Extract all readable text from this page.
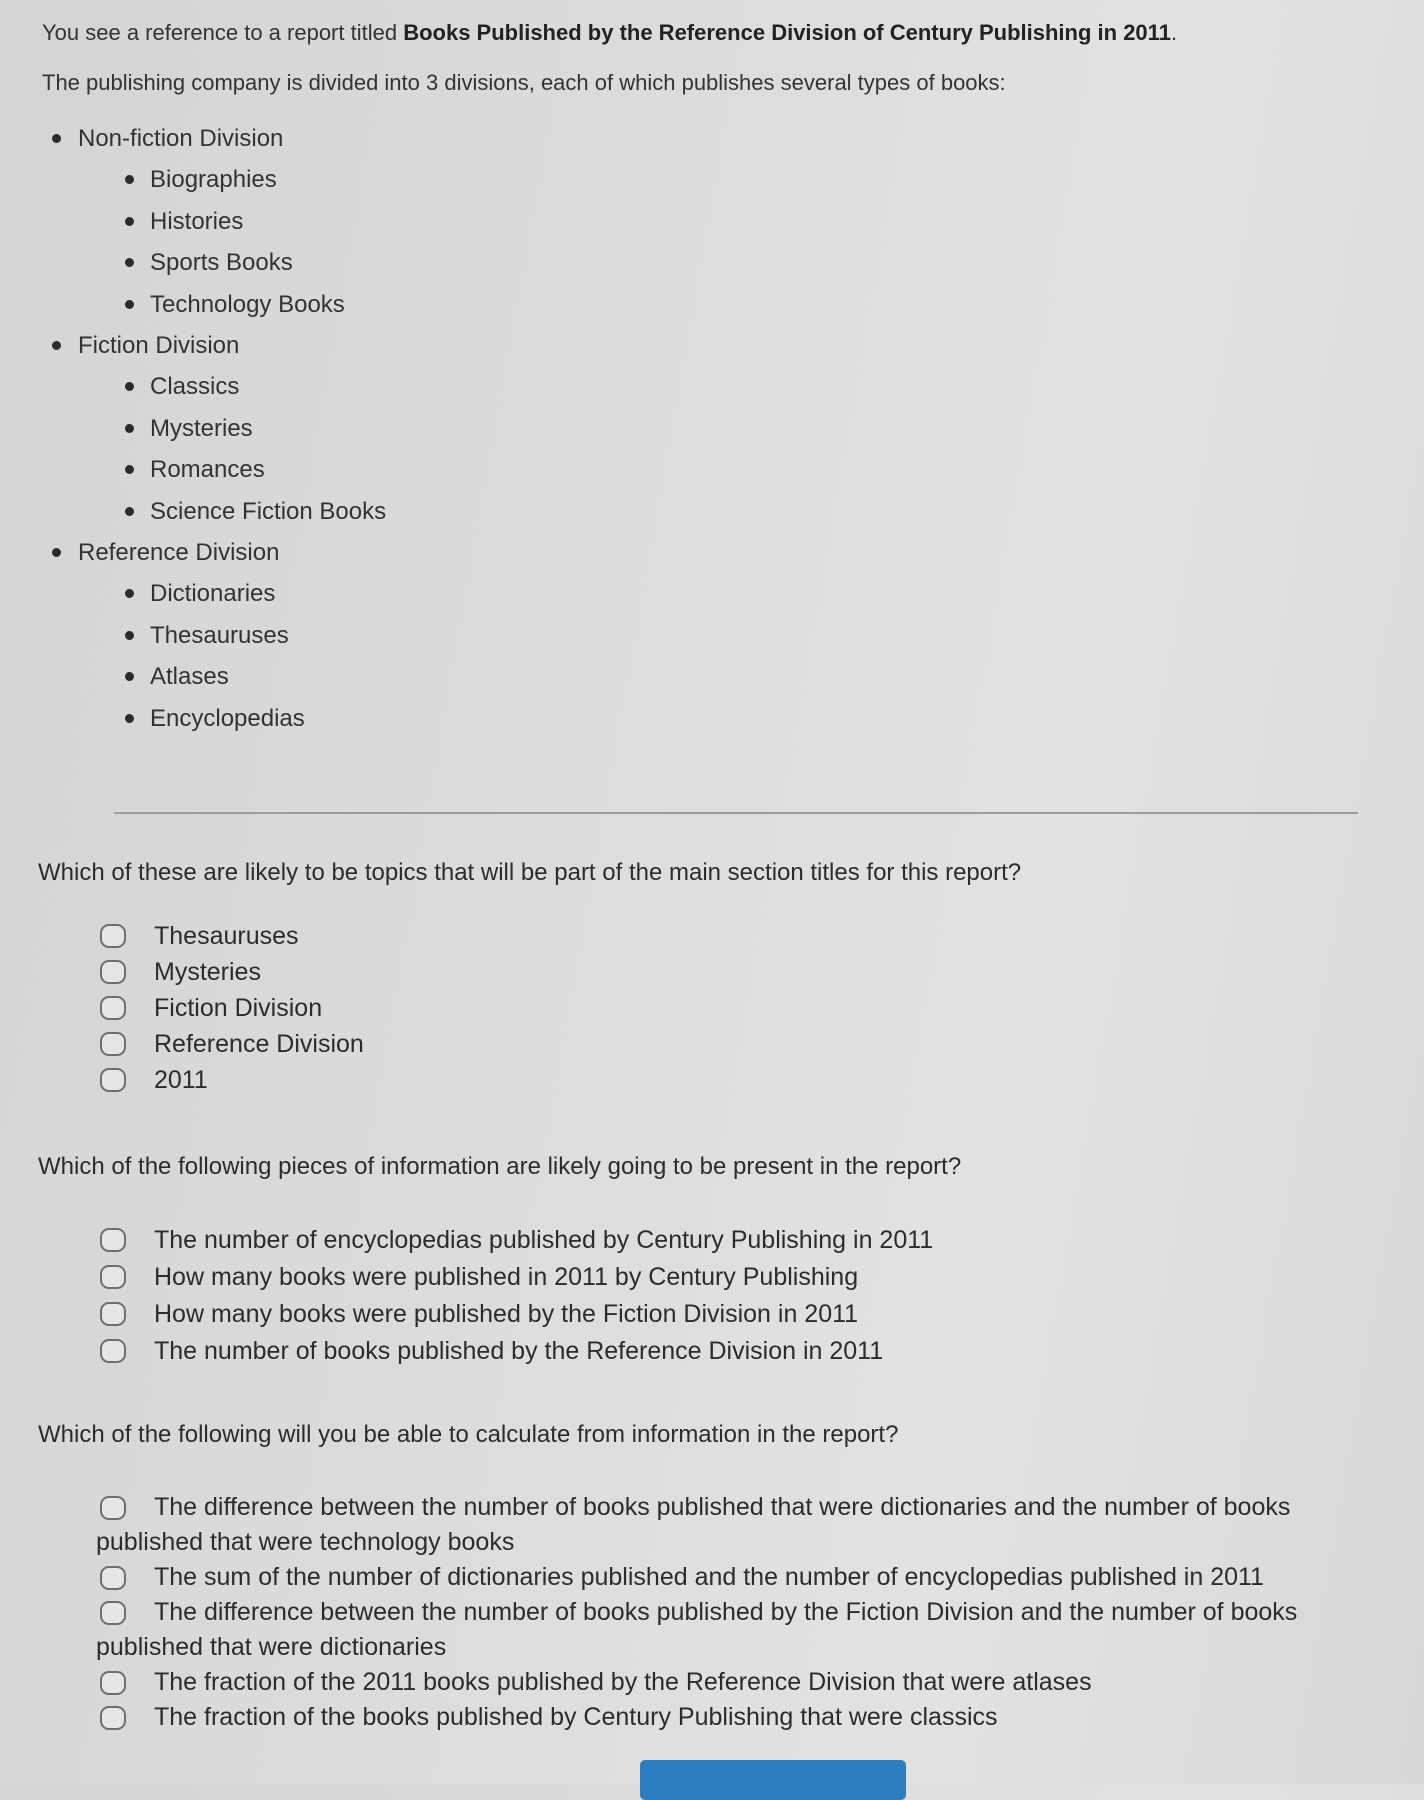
You see a reference to a report titled Books Published by the Reference Division of Century Publishing in 2011.

The publishing company is divided into 3 divisions, each of which publishes several types of books:

Non-fiction Division
Biographies
Histories
Sports Books
Technology Books
Fiction Division
Classics
Mysteries
Romances
Science Fiction Books
Reference Division
Dictionaries
Thesauruses
Atlases
Encyclopedias

Which of these are likely to be topics that will be part of the main section titles for this report?

Thesauruses
Mysteries
Fiction Division
Reference Division
2011

Which of the following pieces of information are likely going to be present in the report?

The number of encyclopedias published by Century Publishing in 2011
How many books were published in 2011 by Century Publishing
How many books were published by the Fiction Division in 2011
The number of books published by the Reference Division in 2011

Which of the following will you be able to calculate from information in the report?

The difference between the number of books published that were dictionaries and the number of books published that were technology books
The sum of the number of dictionaries published and the number of encyclopedias published in 2011
The difference between the number of books published by the Fiction Division and the number of books published that were dictionaries
The fraction of the 2011 books published by the Reference Division that were atlases
The fraction of the books published by Century Publishing that were classics
